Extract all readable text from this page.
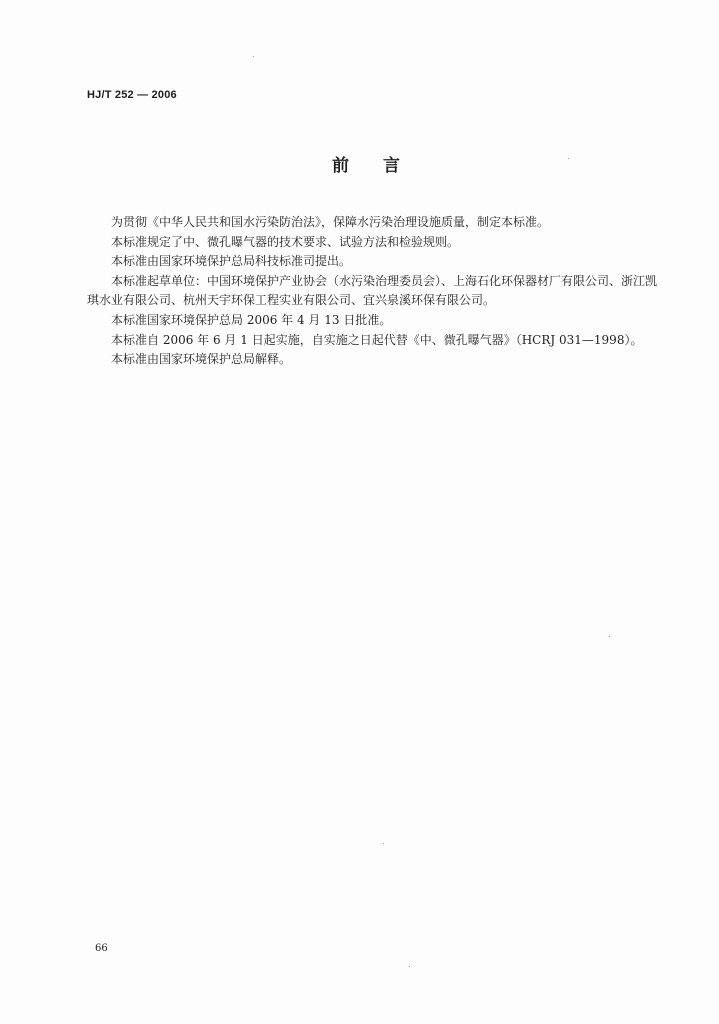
HJ/T 252 — 2006
前言

为贯彻《中华人民共和国水污染防治法》，保障水污染治理设施质量，制定本标准。

本标准规定了中、微孔曝气器的技术要求、试验方法和检验规则。

本标准由国家环境保护总局科技标准司提出。

本标准起草单位：中国环境保护产业协会（水污染治理委员会）、上海石化环保器材厂有限公司、浙江凯琪水业有限公司、杭州天宇环保工程实业有限公司、宜兴泉溪环保有限公司。

本标准国家环境保护总局 2006 年 4 月 13 日批准。

本标准自 2006 年 6 月 1 日起实施，自实施之日起代替《中、微孔曝气器》（HCRJ 031—1998）。

本标准由国家环境保护总局解释。

66
